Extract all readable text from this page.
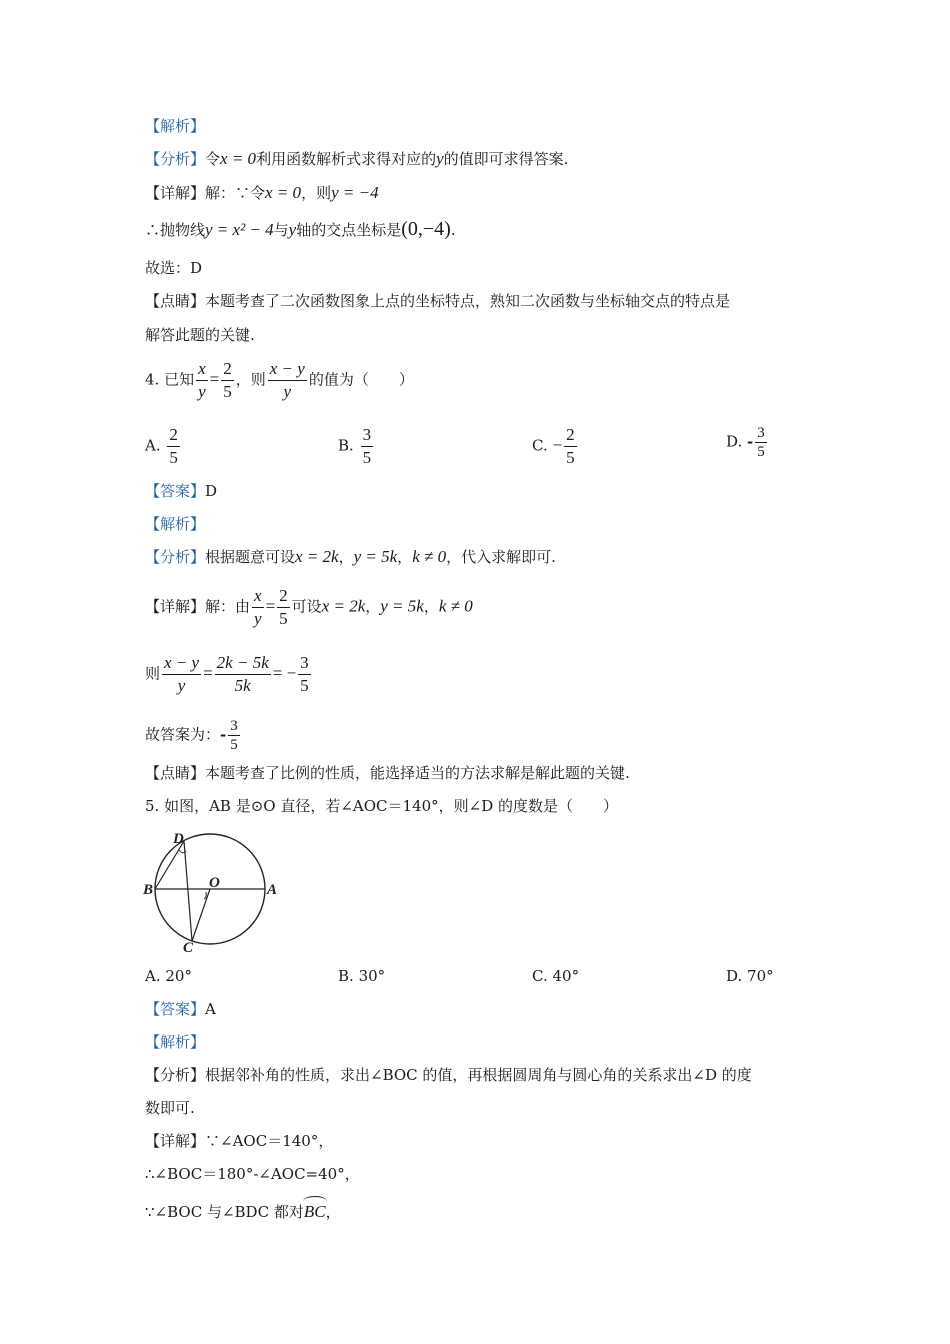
【解析】
【分析】令x = 0利用函数解析式求得对应的y的值即可求得答案.
【详解】解：∵令x = 0，则y = −4
∴抛物线y = x² − 4与y轴的交点坐标是(0,−4).
故选：D
【点睛】本题考查了二次函数图象上点的坐标特点，熟知二次函数与坐标轴交点的特点是
解答此题的关键.
4. 已知 $\frac{x}{y} = \frac{2}{5}$ ，则 $\frac{x - y}{y}$ 的值为（　　）
A. $\frac{2}{5}$	B. $\frac{3}{5}$	C. − $\frac{2}{5}$	D. - $\frac{3}{5}$
【答案】D
【解析】
【分析】根据题意可设x = 2k，y = 5k，k ≠ 0，代入求解即可.
【详解】解：由 $\frac{x}{y} = \frac{2}{5}$ 可设x = 2k，y = 5k，k ≠ 0
则 $\frac{x - y}{y} = \frac{2k - 5k}{5k}$ = − $\frac{3}{5}$
故答案为：- $\frac{3}{5}$
【点睛】本题考查了比例的性质，能选择适当的方法求解是解此题的关键.
5. 如图，AB 是⊙O 直径，若∠AOC＝140°，则∠D 的度数是（　　）
D
B	O	A
C
A. 20°	B. 30°	C. 40°	D. 70°
【答案】A
【解析】
【分析】根据邻补角的性质，求出∠BOC 的值，再根据圆周角与圆心角的关系求出∠D 的度
数即可.
【详解】∵∠AOC＝140°，
∴∠BOC＝180°-∠AOC=40°，
∵∠BOC 与∠BDC 都对BC，
